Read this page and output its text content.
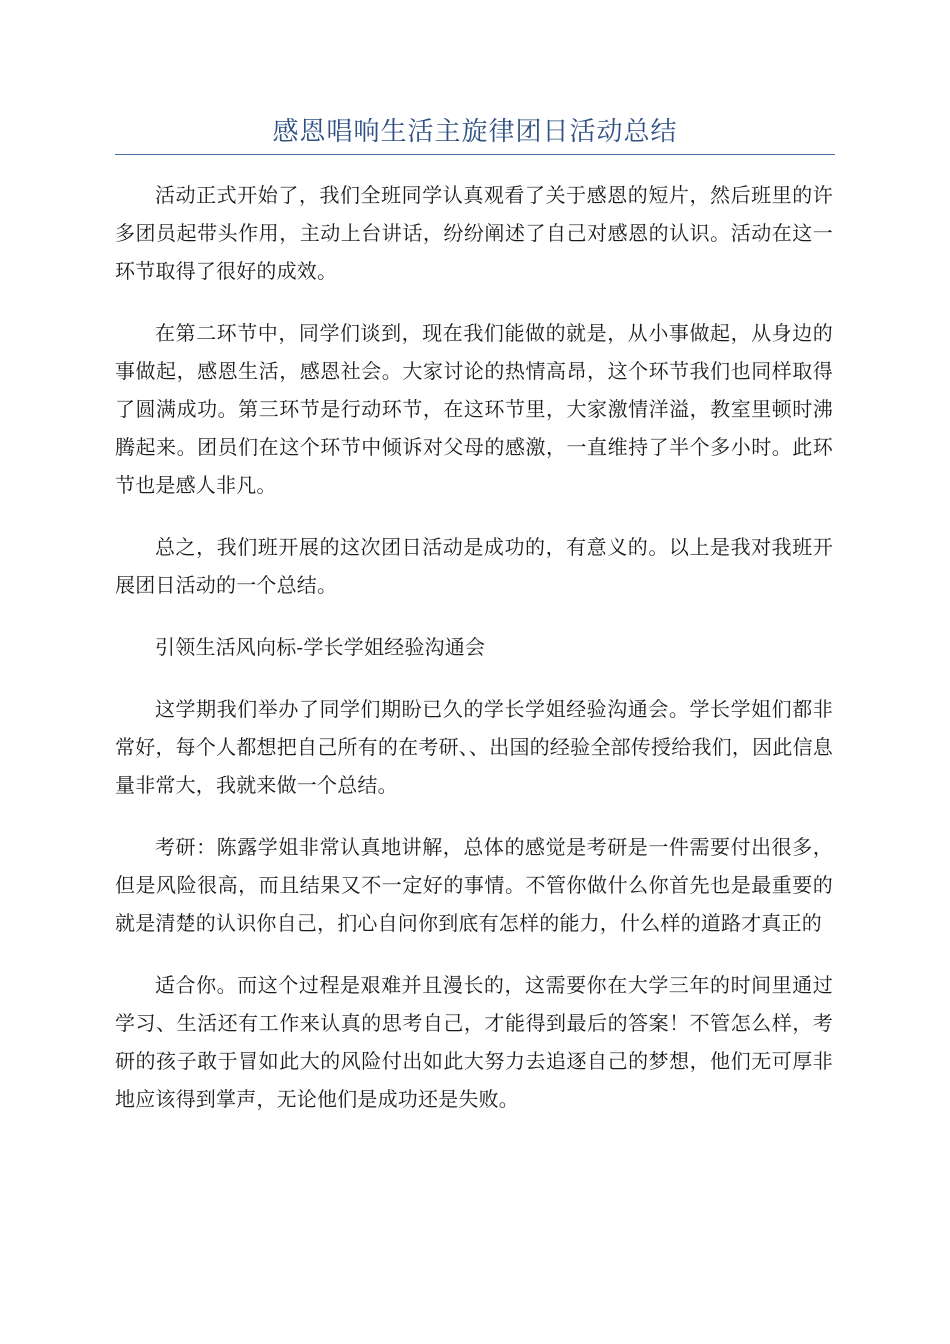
感恩唱响生活主旋律团日活动总结

活动正式开始了，我们全班同学认真观看了关于感恩的短片，然后班里的许多团员起带头作用，主动上台讲话，纷纷阐述了自己对感恩的认识。活动在这一环节取得了很好的成效。

在第二环节中，同学们谈到，现在我们能做的就是，从小事做起，从身边的事做起，感恩生活，感恩社会。大家讨论的热情高昂，这个环节我们也同样取得了圆满成功。第三环节是行动环节，在这环节里，大家激情洋溢，教室里顿时沸腾起来。团员们在这个环节中倾诉对父母的感激，一直维持了半个多小时。此环节也是感人非凡。

总之，我们班开展的这次团日活动是成功的，有意义的。以上是我对我班开展团日活动的一个总结。

引领生活风向标-学长学姐经验沟通会

这学期我们举办了同学们期盼已久的学长学姐经验沟通会。学长学姐们都非常好，每个人都想把自己所有的在考研、、出国的经验全部传授给我们，因此信息量非常大，我就来做一个总结。

考研：陈露学姐非常认真地讲解，总体的感觉是考研是一件需要付出很多，但是风险很高，而且结果又不一定好的事情。不管你做什么你首先也是最重要的就是清楚的认识你自己，扪心自问你到底有怎样的能力，什么样的道路才真正的

适合你。而这个过程是艰难并且漫长的，这需要你在大学三年的时间里通过学习、生活还有工作来认真的思考自己，才能得到最后的答案！不管怎么样，考研的孩子敢于冒如此大的风险付出如此大努力去追逐自己的梦想，他们无可厚非地应该得到掌声，无论他们是成功还是失败。
